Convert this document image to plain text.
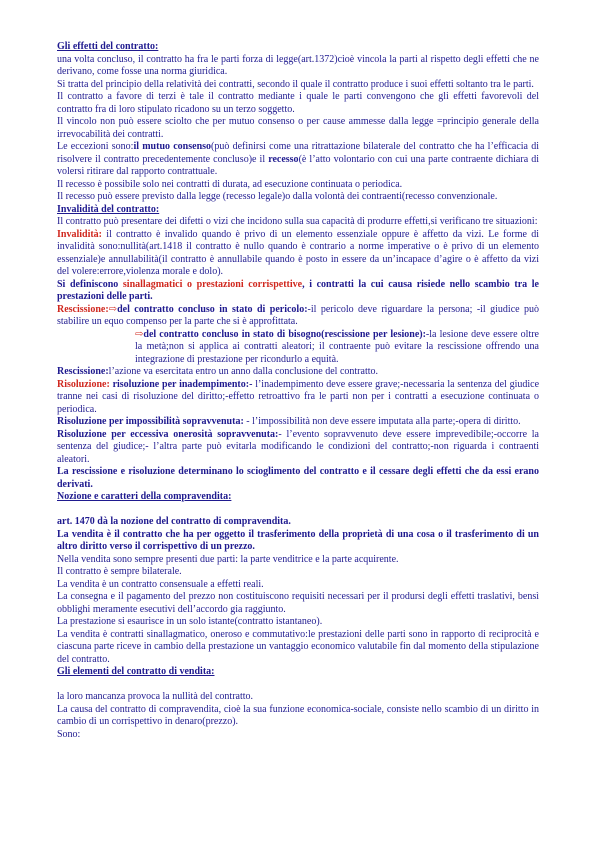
Gli effetti del contratto:

una volta concluso, il contratto ha fra le parti forza di legge(art.1372)cioè vincola la parti al rispetto degli effetti che ne derivano, come fosse una norma giuridica.

Si tratta del principio della relatività dei contratti, secondo il quale il contratto produce i suoi effetti soltanto tra le parti.

Il contratto a favore di terzi è tale il contratto mediante i quale le parti convengono che gli effetti favorevoli del contratto fra di loro stipulato ricadono su un terzo soggetto.

Il vincolo non può essere sciolto che per mutuo consenso o per cause ammesse dalla legge =principio generale della irrevocabilità dei contratti.

Le eccezioni sono:il mutuo consenso(può definirsi come una ritrattazione bilaterale del contratto che ha l’efficacia di risolvere il contratto precedentemente concluso)e il recesso(è l’atto volontario con cui una parte contraente dichiara di volersi ritirare dal rapporto contrattuale.

Il recesso è possibile solo nei contratti di durata, ad esecuzione continuata o periodica.

Il recesso può essere previsto dalla legge (recesso legale)o dalla volontà dei contraenti(recesso convenzionale.

Invalidità del contratto:

Il contratto può presentare dei difetti o vizi che incidono sulla sua capacità di produrre effetti,si verificano tre situazioni:

Invalidità: il contratto è invalido quando è privo di un elemento essenziale oppure è affetto da vizi. Le forme di invalidità sono:nullità(art.1418 il contratto è nullo quando è contrario a norme imperative o è privo di un elemento essenziale)e annullabilità(il contratto è annullabile quando è posto in essere da un’incapace d’agire o è affetto da vizi del volere:errore,violenza morale e dolo).

Si definiscono sinallagmatici o prestazioni corrispettive, i contratti la cui causa risiede nello scambio tra le prestazioni delle parti.

Rescissione:⇨del contratto concluso in stato di pericolo:-il pericolo deve riguardare la persona; -il giudice può stabilire un equo compenso per la parte che si è approfittata.

⇨del contratto concluso in stato di bisogno(rescissione per lesione):-la lesione deve essere oltre la metà;non si applica ai contratti aleatori; il contraente può evitare la rescissione offrendo una integrazione di prestazione per ricondurlo a equità.

Rescissione:l’azione va esercitata entro un anno dalla conclusione del contratto.

Risoluzione: risoluzione per inadempimento:- l’inadempimento deve essere grave;-necessaria la sentenza del giudice tranne nei casi di risoluzione del diritto;-effetto retroattivo fra le parti non per i contratti a esecuzione continuata o periodica.

Risoluzione per impossibilità sopravvenuta: - l’impossibilità non deve essere imputata alla parte;-opera di diritto.

Risoluzione per eccessiva onerosità sopravvenuta:- l’evento sopravvenuto deve essere imprevedibile;-occorre la sentenza del giudice;- l’altra parte può evitarla modificando le condizioni del contratto;-non riguarda i contraenti aleatori.

La rescissione e risoluzione determinano lo scioglimento del contratto e il cessare degli effetti che da essi erano derivati.

Nozione e caratteri della compravendita:

art. 1470 dà la nozione del contratto di compravendita.

La vendita è il contratto che ha per oggetto il trasferimento della proprietà di una cosa o il trasferimento di un altro diritto verso il corrispettivo di un prezzo.

Nella vendita sono sempre presenti due parti: la parte venditrice e la parte acquirente.

Il contratto è sempre bilaterale.

La vendita è un contratto consensuale a effetti reali.

La consegna e il pagamento del prezzo non costituiscono requisiti necessari per il prodursi degli effetti traslativi, bensì obblighi meramente esecutivi dell’accordo gia raggiunto.

La prestazione si esaurisce in un solo istante(contratto istantaneo).

La vendita è contratti sinallagmatico, oneroso e commutativo:le prestazioni delle parti sono in rapporto di reciprocità e ciascuna parte riceve in cambio della prestazione un vantaggio economico valutabile fin dal momento della stipulazione del contratto.

Gli elementi del contratto di vendita:

la loro mancanza provoca la nullità del contratto.

La causa del contratto di compravendita, cioè la sua funzione economica-sociale, consiste nello scambio di un diritto in cambio di un corrispettivo in denaro(prezzo).

Sono:
